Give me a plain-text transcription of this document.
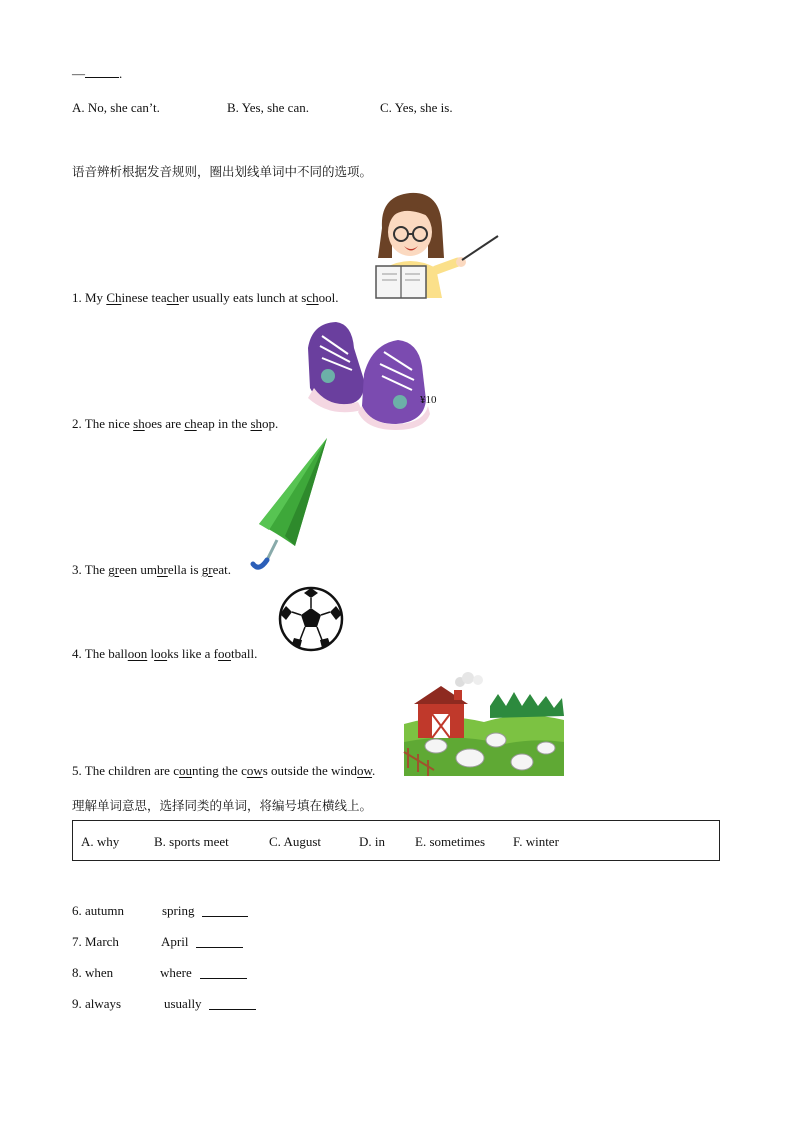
—	.
A. No, she can’t.	B. Yes, she can.	C. Yes, she is.
语音辨析根据发音规则，圈出划线单词中不同的选项。
1. My Chinese teacher usually eats lunch at school.
¥10
2. The nice shoes are cheap in the shop.
3. The green umbrella is great.
4. The balloon looks like a football.
5. The children are counting the cows outside the window.
理解单词意思，选择同类的单词，将编号填在横线上。
A. why	B. sports meet	C. August	D. in E. sometimes F. winter
6. autumn	spring
7. March	April
8. when	where
9. always	usually
